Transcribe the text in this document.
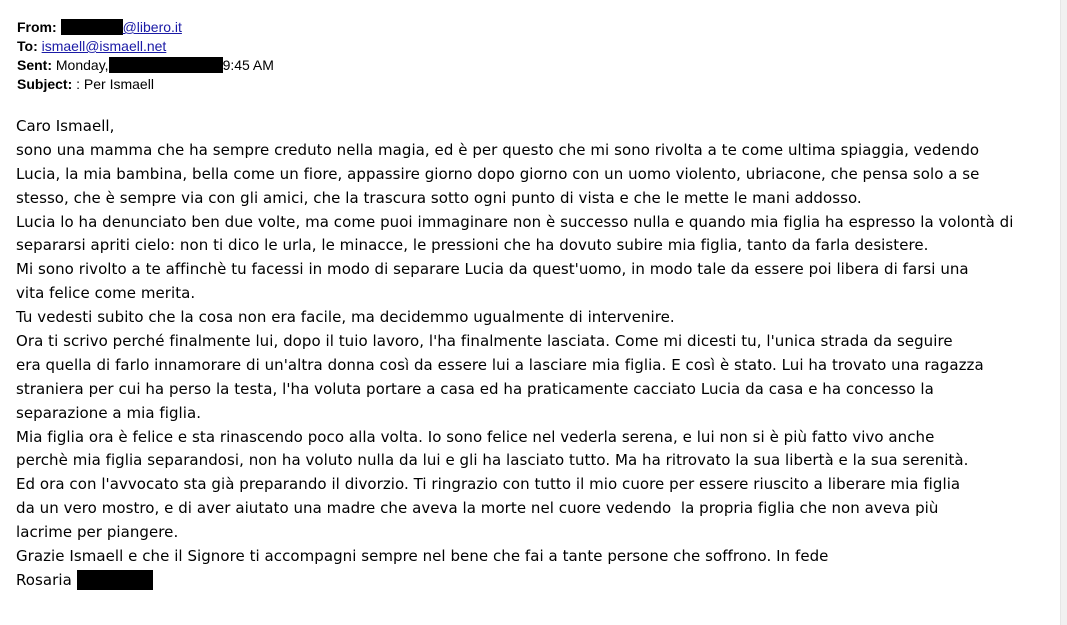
From:	@libero.it
To: ismaell@ismaell.net
Sent: Monday,	9:45 AM
Subject: : Per Ismaell
Caro Ismaell,
sono una mamma che ha sempre creduto nella magia, ed è per questo che mi sono rivolta a te come ultima spiaggia, vedendo
Lucia, la mia bambina, bella come un fiore, appassire giorno dopo giorno con un uomo violento, ubriacone, che pensa solo a se
stesso, che è sempre via con gli amici, che la trascura sotto ogni punto di vista e che le mette le mani addosso.
Lucia lo ha denunciato ben due volte, ma come puoi immaginare non è successo nulla e quando mia figlia ha espresso la volontà di
separarsi apriti cielo: non ti dico le urla, le minacce, le pressioni che ha dovuto subire mia figlia, tanto da farla desistere.
Mi sono rivolto a te affinchè tu facessi in modo di separare Lucia da quest'uomo, in modo tale da essere poi libera di farsi una
vita felice come merita.
Tu vedesti subito che la cosa non era facile, ma decidemmo ugualmente di intervenire.
Ora ti scrivo perché finalmente lui, dopo il tuio lavoro, l'ha finalmente lasciata. Come mi dicesti tu, l'unica strada da seguire
era quella di farlo innamorare di un'altra donna così da essere lui a lasciare mia figlia. E così è stato. Lui ha trovato una ragazza
straniera per cui ha perso la testa, l'ha voluta portare a casa ed ha praticamente cacciato Lucia da casa e ha concesso la
separazione a mia figlia.
Mia figlia ora è felice e sta rinascendo poco alla volta. Io sono felice nel vederla serena, e lui non si è più fatto vivo anche
perchè mia figlia separandosi, non ha voluto nulla da lui e gli ha lasciato tutto. Ma ha ritrovato la sua libertà e la sua serenità.
Ed ora con l'avvocato sta già preparando il divorzio. Ti ringrazio con tutto il mio cuore per essere riuscito a liberare mia figlia
da un vero mostro, e di aver aiutato una madre che aveva la morte nel cuore vedendo  la propria figlia che non aveva più
lacrime per piangere.
Grazie Ismaell e che il Signore ti accompagni sempre nel bene che fai a tante persone che soffrono. In fede
Rosaria
